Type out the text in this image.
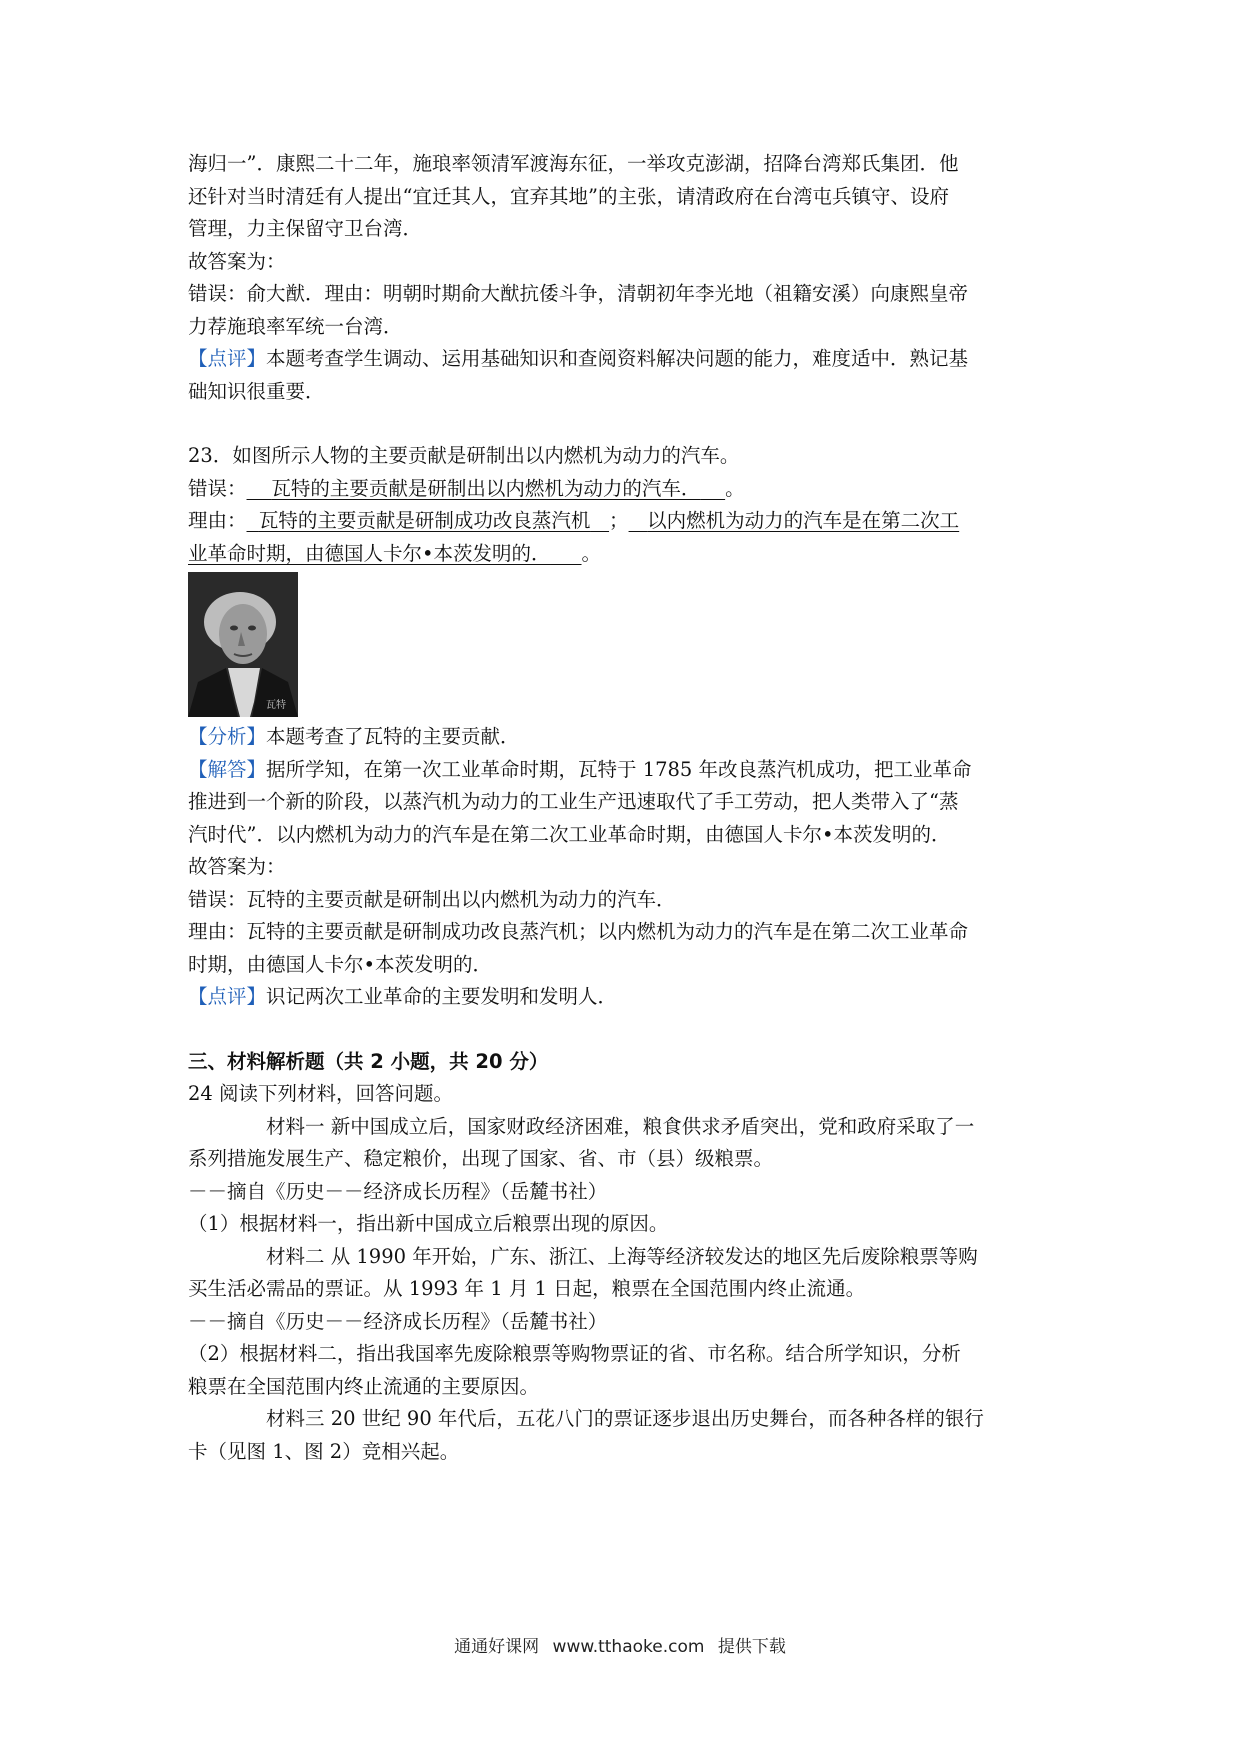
海归一”．康熙二十二年，施琅率领清军渡海东征，一举攻克澎湖，招降台湾郑氏集团．他

还针对当时清廷有人提出“宜迁其人，宜弃其地”的主张，请清政府在台湾屯兵镇守、设府

管理，力主保留守卫台湾．

故答案为：

错误：俞大猷．理由：明朝时期俞大猷抗倭斗争，清朝初年李光地（祖籍安溪）向康熙皇帝

力荐施琅率军统一台湾．

【点评】本题考查学生调动、运用基础知识和查阅资料解决问题的能力，难度适中．熟记基

础知识很重要．

23．如图所示人物的主要贡献是研制出以内燃机为动力的汽车。

错误： 瓦特的主要贡献是研制出以内燃机为动力的汽车． 。

理由： 瓦特的主要贡献是研制成功改良蒸汽机 ； 以内燃机为动力的汽车是在第二次工

业革命时期，由德国人卡尔•本茨发明的． 。

瓦特

【分析】本题考查了瓦特的主要贡献．

【解答】据所学知，在第一次工业革命时期，瓦特于 1785 年改良蒸汽机成功，把工业革命

推进到一个新的阶段，以蒸汽机为动力的工业生产迅速取代了手工劳动，把人类带入了“蒸

汽时代”．以内燃机为动力的汽车是在第二次工业革命时期，由德国人卡尔•本茨发明的．

故答案为：

错误：瓦特的主要贡献是研制出以内燃机为动力的汽车．

理由：瓦特的主要贡献是研制成功改良蒸汽机；以内燃机为动力的汽车是在第二次工业革命

时期，由德国人卡尔•本茨发明的．

【点评】识记两次工业革命的主要发明和发明人．

三、材料解析题（共 2 小题，共 20 分）

24 阅读下列材料，回答问题。

材料一 新中国成立后，国家财政经济困难，粮食供求矛盾突出，党和政府采取了一

系列措施发展生产、稳定粮价，出现了国家、省、市（县）级粮票。

－－摘自《历史－－经济成长历程》（岳麓书社）

（1）根据材料一，指出新中国成立后粮票出现的原因。

材料二 从 1990 年开始，广东、浙江、上海等经济较发达的地区先后废除粮票等购

买生活必需品的票证。从 1993 年 1 月 1 日起，粮票在全国范围内终止流通。

－－摘自《历史－－经济成长历程》（岳麓书社）

（2）根据材料二，指出我国率先废除粮票等购物票证的省、市名称。结合所学知识，分析

粮票在全国范围内终止流通的主要原因。

材料三 20 世纪 90 年代后，五花八门的票证逐步退出历史舞台，而各种各样的银行

卡（见图 1、图 2）竞相兴起。

通通好课网 www.tthaoke.com 提供下载
